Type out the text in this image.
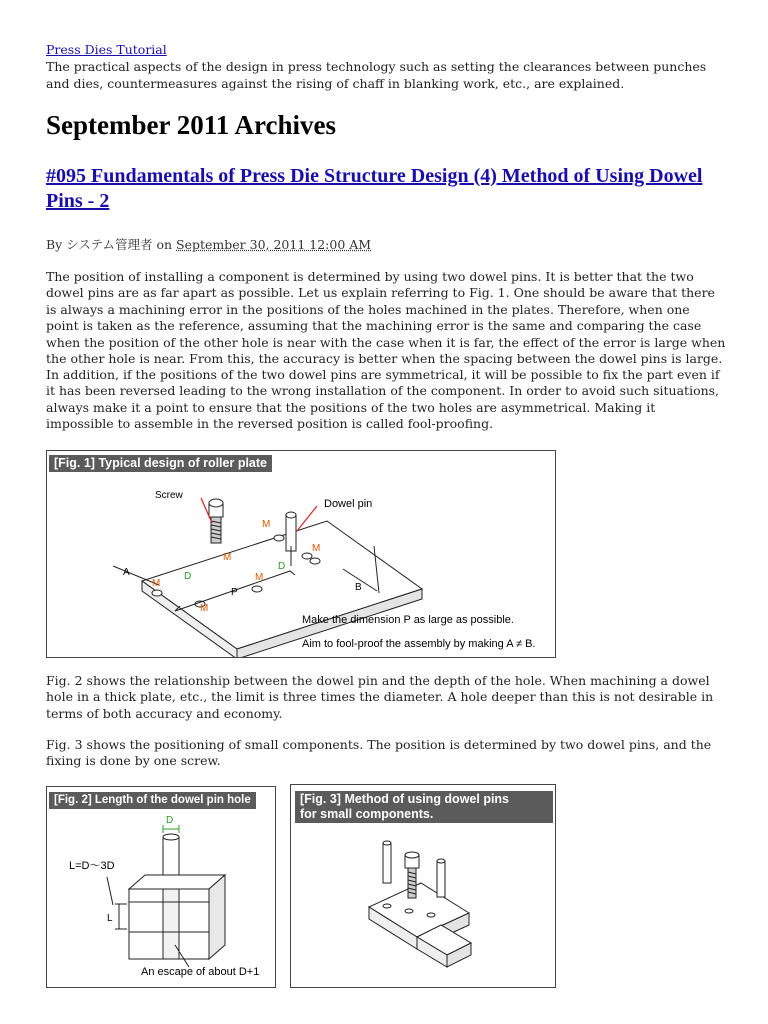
Press Dies Tutorial

The practical aspects of the design in press technology such as setting the clearances between punches and dies, countermeasures against the rising of chaff in blanking work, etc., are explained.

September 2011 Archives
#095 Fundamentals of Press Die Structure Design (4) Method of Using Dowel Pins - 2
By システム管理者 on September 30, 2011 12:00 AM

The position of installing a component is determined by using two dowel pins. It is better that the two dowel pins are as far apart as possible. Let us explain referring to Fig. 1. One should be aware that there is always a machining error in the positions of the holes machined in the plates. Therefore, when one point is taken as the reference, assuming that the machining error is the same and comparing the case when the position of the other hole is near with the case when it is far, the effect of the error is large when the other hole is near. From this, the accuracy is better when the spacing between the dowel pins is large.

In addition, if the positions of the two dowel pins are symmetrical, it will be possible to fix the part even if it has been reversed leading to the wrong installation of the component. In order to avoid such situations, always make it a point to ensure that the positions of the two holes are asymmetrical. Making it impossible to assemble in the reversed position is called fool-proofing.

[Fig. 1] Typical design of roller plate
Screw
Dowel pin
M
M
M
M
M
M
D
D
A
B
P
Make the dimension P as large as possible.
Aim to fool-proof the assembly by making A ≠ B.

Fig. 2 shows the relationship between the dowel pin and the depth of the hole. When machining a dowel hole in a thick plate, etc., the limit is three times the diameter. A hole deeper than this is not desirable in terms of both accuracy and economy.

Fig. 3 shows the positioning of small components. The position is determined by two dowel pins, and the fixing is done by one screw.

[Fig. 2] Length of the dowel pin hole
D
L
L=D～3D
An escape of about D+1
[Fig. 3] Method of using dowel pins
for small components.
